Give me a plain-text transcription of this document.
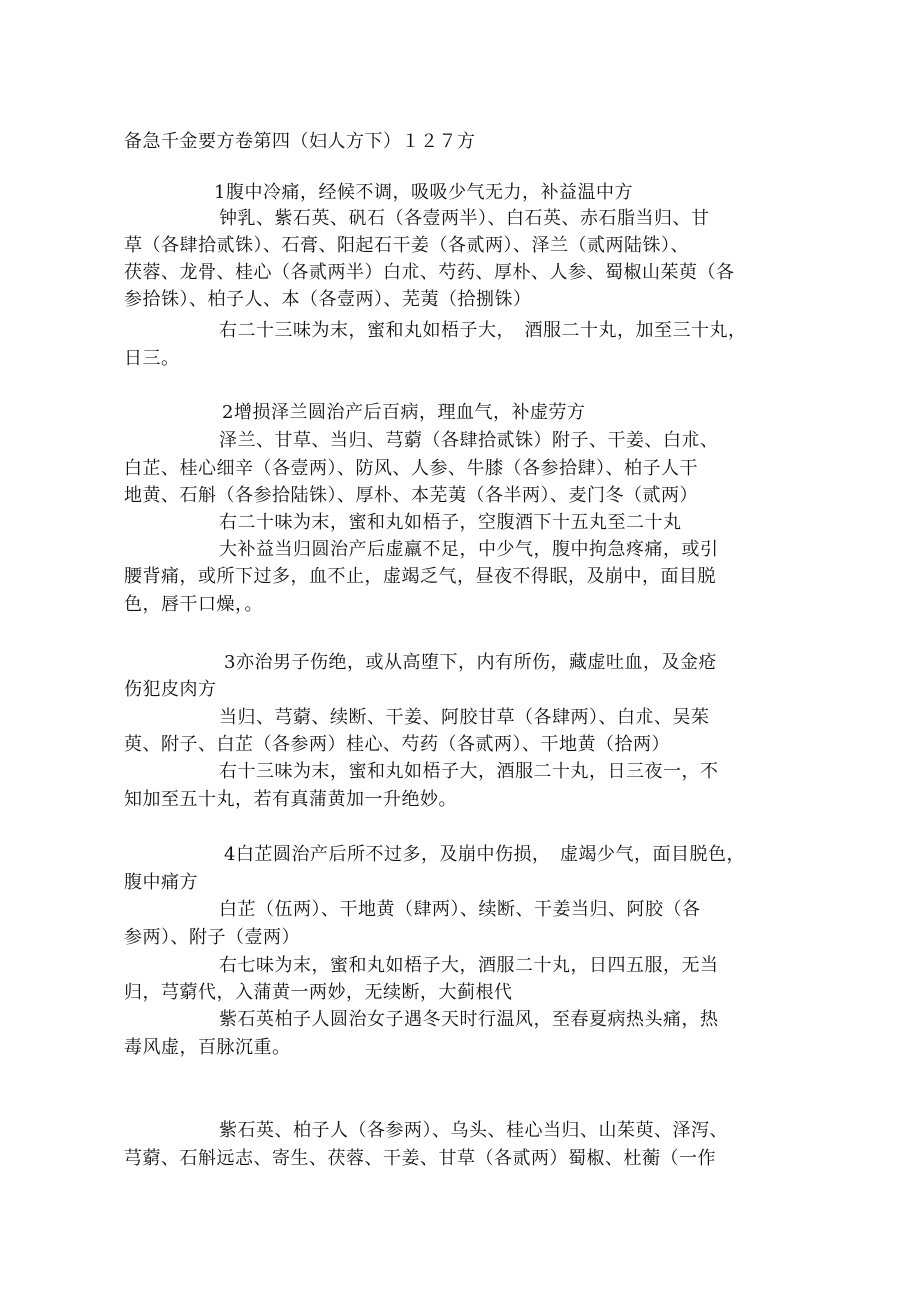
备急千金要方卷第四（妇人方下）１２７方
1腹中冷痛，经候不调，吸吸少气无力，补益温中方
钟乳、紫石英、矾石（各壹两半）、白石英、赤石脂当归、甘
草（各肆拾贰铢）、石膏、阳起石干姜（各贰两）、泽兰（贰两陆铢）、
茯蓉、龙骨、桂心（各贰两半）白朮、芍药、厚朴、人参、蜀椒山茱萸（各
参拾铢）、柏子人、本（各壹两）、芜荑（拾捌铢）
右二十三味为末，蜜和丸如梧子大，　酒服二十丸，加至三十丸，
日三。
2增损泽兰圆治产后百病，理血气，补虚劳方
泽兰、甘草、当归、芎藭（各肆拾贰铢）附子、干姜、白朮、
白芷、桂心细辛（各壹两）、防风、人参、牛膝（各参拾肆）、柏子人干
地黄、石斛（各参拾陆铢）、厚朴、本芜荑（各半两）、麦门冬（贰两）
右二十味为末，蜜和丸如梧子，空腹酒下十五丸至二十丸
大补益当归圆治产后虚羸不足，中少气，腹中拘急疼痛，或引
腰背痛，或所下过多，血不止，虚竭乏气，昼夜不得眠，及崩中，面目脱
色，唇干口燥，。
3亦治男子伤绝，或从高堕下，内有所伤，藏虚吐血，及金疮
伤犯皮肉方
当归、芎藭、续断、干姜、阿胶甘草（各肆两）、白朮、吴茱
萸、附子、白芷（各参两）桂心、芍药（各贰两）、干地黄（拾两）
右十三味为末，蜜和丸如梧子大，酒服二十丸，日三夜一，不
知加至五十丸，若有真蒲黄加一升绝妙。
4白芷圆治产后所不过多，及崩中伤损，　虚竭少气，面目脱色，
腹中痛方
白芷（伍两）、干地黄（肆两）、续断、干姜当归、阿胶（各
参两）、附子（壹两）
右七味为末，蜜和丸如梧子大，酒服二十丸，日四五服，无当
归，芎藭代，入蒲黄一两妙，无续断，大蓟根代
紫石英柏子人圆治女子遇冬天时行温风，至春夏病热头痛，热
毒风虚，百脉沉重。
紫石英、柏子人（各参两）、乌头、桂心当归、山茱萸、泽泻、
芎藭、石斛远志、寄生、茯蓉、干姜、甘草（各贰两）蜀椒、杜蘅（一作
